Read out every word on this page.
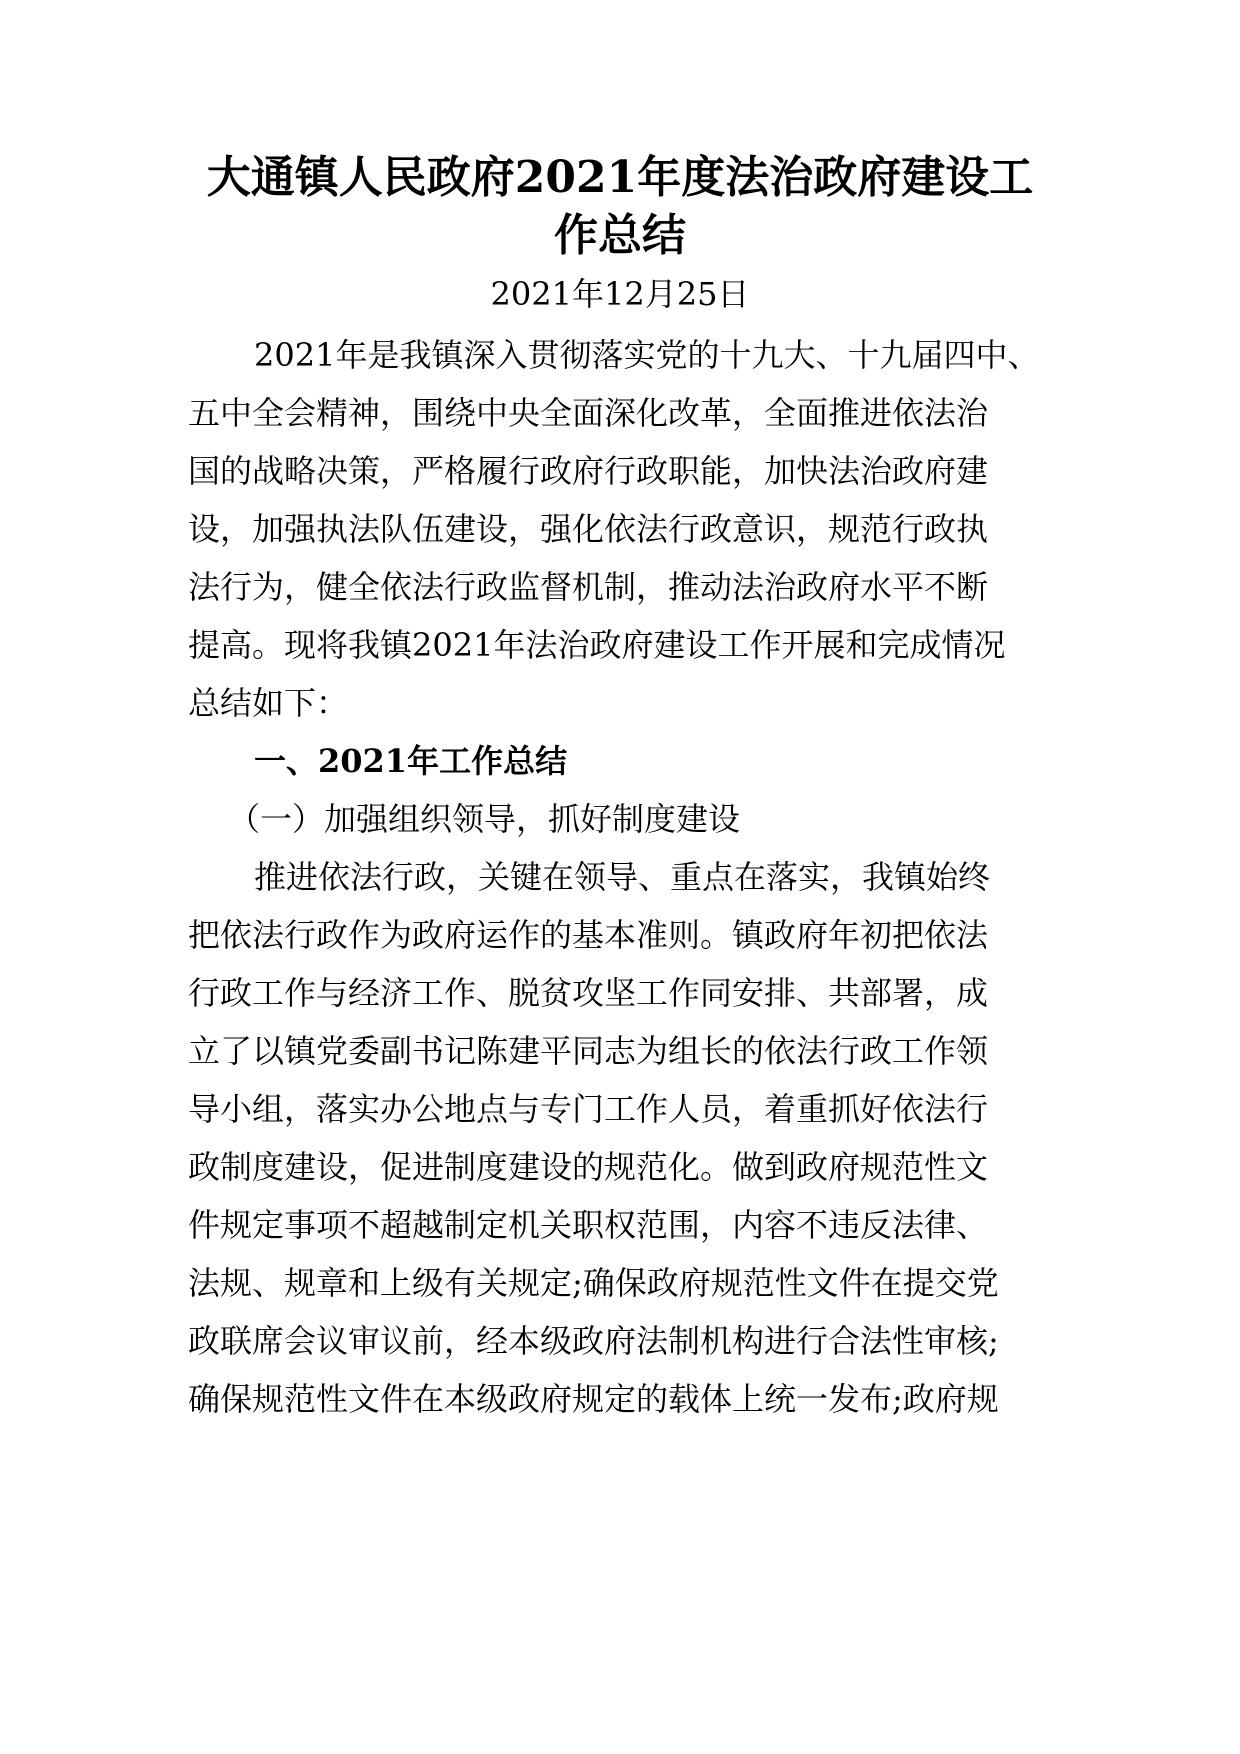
大通镇人民政府2021年度法治政府建设工
作总结
2021年12月25日
2021年是我镇深入贯彻落实党的十九大、十九届四中、
五中全会精神，围绕中央全面深化改革，全面推进依法治
国的战略决策，严格履行政府行政职能，加快法治政府建
设，加强执法队伍建设，强化依法行政意识，规范行政执
法行为，健全依法行政监督机制，推动法治政府水平不断
提高。现将我镇2021年法治政府建设工作开展和完成情况
总结如下：
一、2021年工作总结
（一）加强组织领导，抓好制度建设
推进依法行政，关键在领导、重点在落实，我镇始终
把依法行政作为政府运作的基本准则。镇政府年初把依法
行政工作与经济工作、脱贫攻坚工作同安排、共部署，成
立了以镇党委副书记陈建平同志为组长的依法行政工作领
导小组，落实办公地点与专门工作人员，着重抓好依法行
政制度建设，促进制度建设的规范化。做到政府规范性文
件规定事项不超越制定机关职权范围，内容不违反法律、
法规、规章和上级有关规定;确保政府规范性文件在提交党
政联席会议审议前，经本级政府法制机构进行合法性审核;
确保规范性文件在本级政府规定的载体上统一发布;政府规
